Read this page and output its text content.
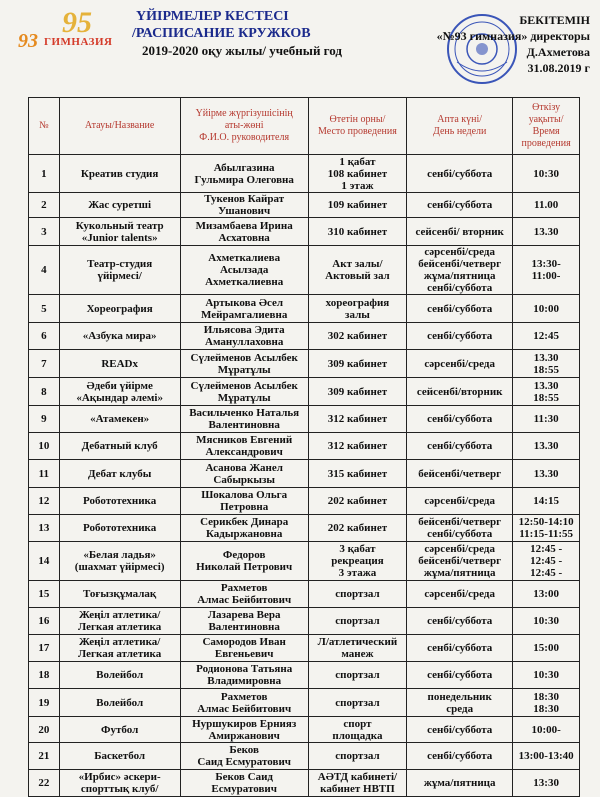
93
95
ГИМНАЗИЯ
ҮЙІРМЕЛЕР КЕСТЕСІ
/РАСПИСАНИЕ КРУЖКОВ
2019-2020 оқу жылы/ учебный год
БЕКІТЕМІН
«№93 гимназия» директоры
Д.Ахметова
31.08.2019 г
№	Атауы/Название	Үйірме жүргізушісінің
аты-жөні
Ф.И.О. руководителя	Өтетін орны/
Место проведения	Апта күні/
День недели	Өткізу
уақыты/
Время
проведения
1	Креатив студия	Абылгазина
Гульмира Олеговна	1 қабат
108 кабинет
1 этаж	сенбі/суббота	10:30
2	Жас суретші	Тукенов Кайрат
Ушанович	109 кабинет	сенбі/суббота	11.00
3	Кукольный театр
«Junior talents»	Мизамбаева Ирина
Асхатовна	310 кабинет	сейсенбі/ вторник	13.30
4	Театр-студия
үйірмесі/	Ахметкалиева Асылзада
Ахметкалиевна	Акт залы/
Актовый зал	сәрсенбі/среда
бейсенбі/четверг
жұма/пятница
сенбі/суббота	13:30-
11:00-
5	Хореография	Артыкова Әсел
Мейрамгалиевна	хореография
залы	сенбі/суббота	10:00
6	«Азбука мира»	Ильясова Эдита
Амануллаховна	302 кабинет	сенбі/суббота	12:45
7	READx	Сүлейменов Асылбек
Мұратұлы	309 кабинет	сәрсенбі/среда	13.30
18:55
8	Әдеби үйірме
«Ақындар әлемі»	Сүлейменов Асылбек
Мұратұлы	309 кабинет	сейсенбі/вторник	13.30
18:55
9	«Атамекен»	Васильченко Наталья
Валентиновна	312 кабинет	сенбі/суббота	11:30
10	Дебатный клуб	Мясников Евгений
Александрович	312 кабинет	сенбі/суббота	13.30
11	Дебат клубы	Асанова Жанел
Сабыркызы	315 кабинет	бейсенбі/четверг	13.30
12	Робототехника	Шокалова Ольга
Петровна	202 кабинет	сәрсенбі/среда	14:15
13	Робототехника	Серикбек Динара
Кадыржановна	202 кабинет	бейсенбі/четверг
сенбі/суббота	12:50-14:10
11:15-11:55
14	«Белая ладья»
(шахмат үйірмесі)	Федоров
Николай Петрович	3 қабат
рекреация
3 этажа	сәрсенбі/среда
бейсенбі/четверг
жұма/пятница	12:45 -
12:45 -
12:45 -
15	Тоғызқұмалақ	Рахметов
Алмас Бейбитович	спортзал	сәрсенбі/среда	13:00
16	Жеңіл атлетика/
Легкая атлетика	Лазарева Вера
Валентиновна	спортзал	сенбі/суббота	10:30
17	Жеңіл атлетика/
Легкая атлетика	Самородов Иван
Евгеньевич	Л/атлетический
манеж	сенбі/суббота	15:00
18	Волейбол	Родионова Татьяна
Владимировна	спортзал	сенбі/суббота	10:30
19	Волейбол	Рахметов
Алмас Бейбитович	спортзал	понедельник
среда	18:30
18:30
20	Футбол	Нуршукиров Ернияз
Амиржанович	спорт
площадка	сенбі/суббота	10:00-
21	Баскетбол	Беков
Саид Есмуратович	спортзал	сенбі/суббота	13:00-13:40
22	«Ирбис» әскери-
спорттық клуб/	Беков Саид
Есмуратович	АӘТД кабинеті/
кабинет НВТП	жұма/пятница	13:30
